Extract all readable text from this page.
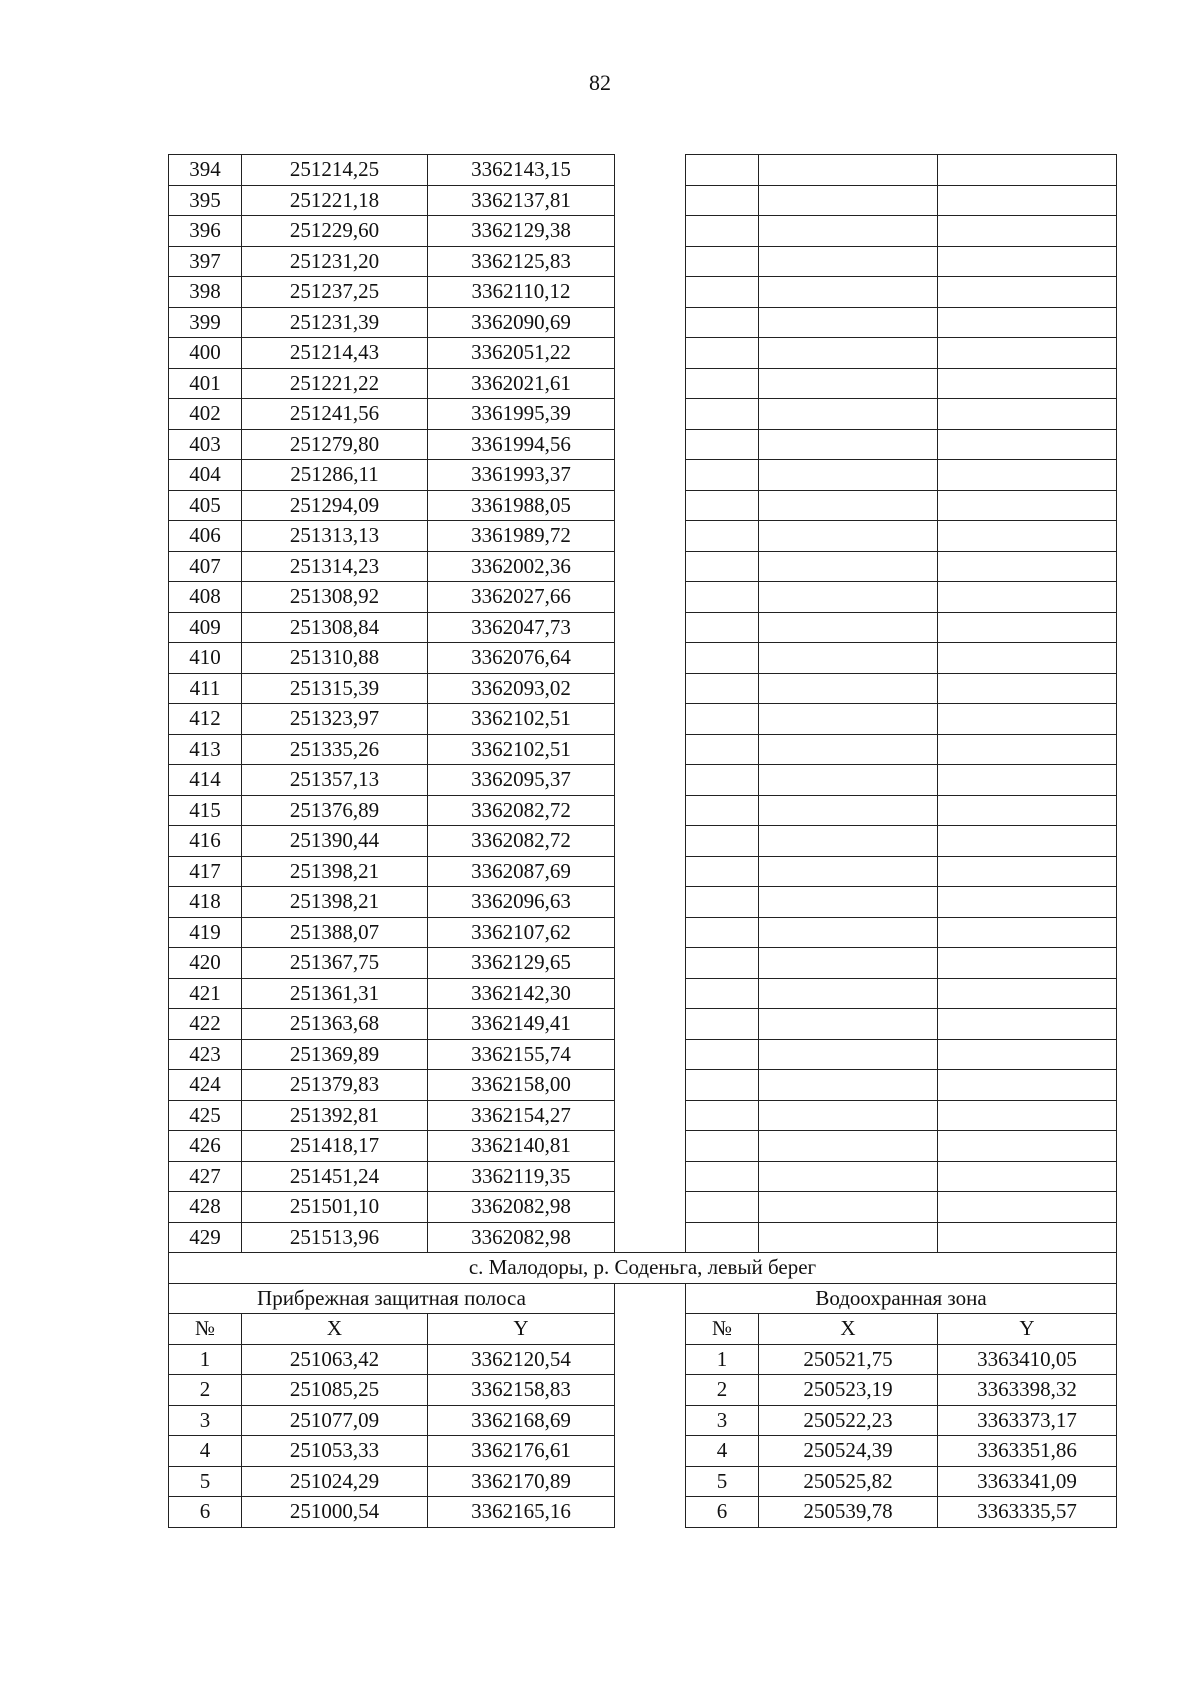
82
394	251214,25	3362143,15				
395	251221,18	3362137,81				
396	251229,60	3362129,38				
397	251231,20	3362125,83				
398	251237,25	3362110,12				
399	251231,39	3362090,69				
400	251214,43	3362051,22				
401	251221,22	3362021,61				
402	251241,56	3361995,39				
403	251279,80	3361994,56				
404	251286,11	3361993,37				
405	251294,09	3361988,05				
406	251313,13	3361989,72				
407	251314,23	3362002,36				
408	251308,92	3362027,66				
409	251308,84	3362047,73				
410	251310,88	3362076,64				
411	251315,39	3362093,02				
412	251323,97	3362102,51				
413	251335,26	3362102,51				
414	251357,13	3362095,37				
415	251376,89	3362082,72				
416	251390,44	3362082,72				
417	251398,21	3362087,69				
418	251398,21	3362096,63				
419	251388,07	3362107,62				
420	251367,75	3362129,65				
421	251361,31	3362142,30				
422	251363,68	3362149,41				
423	251369,89	3362155,74				
424	251379,83	3362158,00				
425	251392,81	3362154,27				
426	251418,17	3362140,81				
427	251451,24	3362119,35				
428	251501,10	3362082,98				
429	251513,96	3362082,98				
с. Малодоры, р. Соденьга, левый берег						
Прибрежная защитная полоса				Водоохранная зона		
№	X	Y		№	X	Y
1	251063,42	3362120,54		1	250521,75	3363410,05
2	251085,25	3362158,83		2	250523,19	3363398,32
3	251077,09	3362168,69		3	250522,23	3363373,17
4	251053,33	3362176,61		4	250524,39	3363351,86
5	251024,29	3362170,89		5	250525,82	3363341,09
6	251000,54	3362165,16		6	250539,78	3363335,57
